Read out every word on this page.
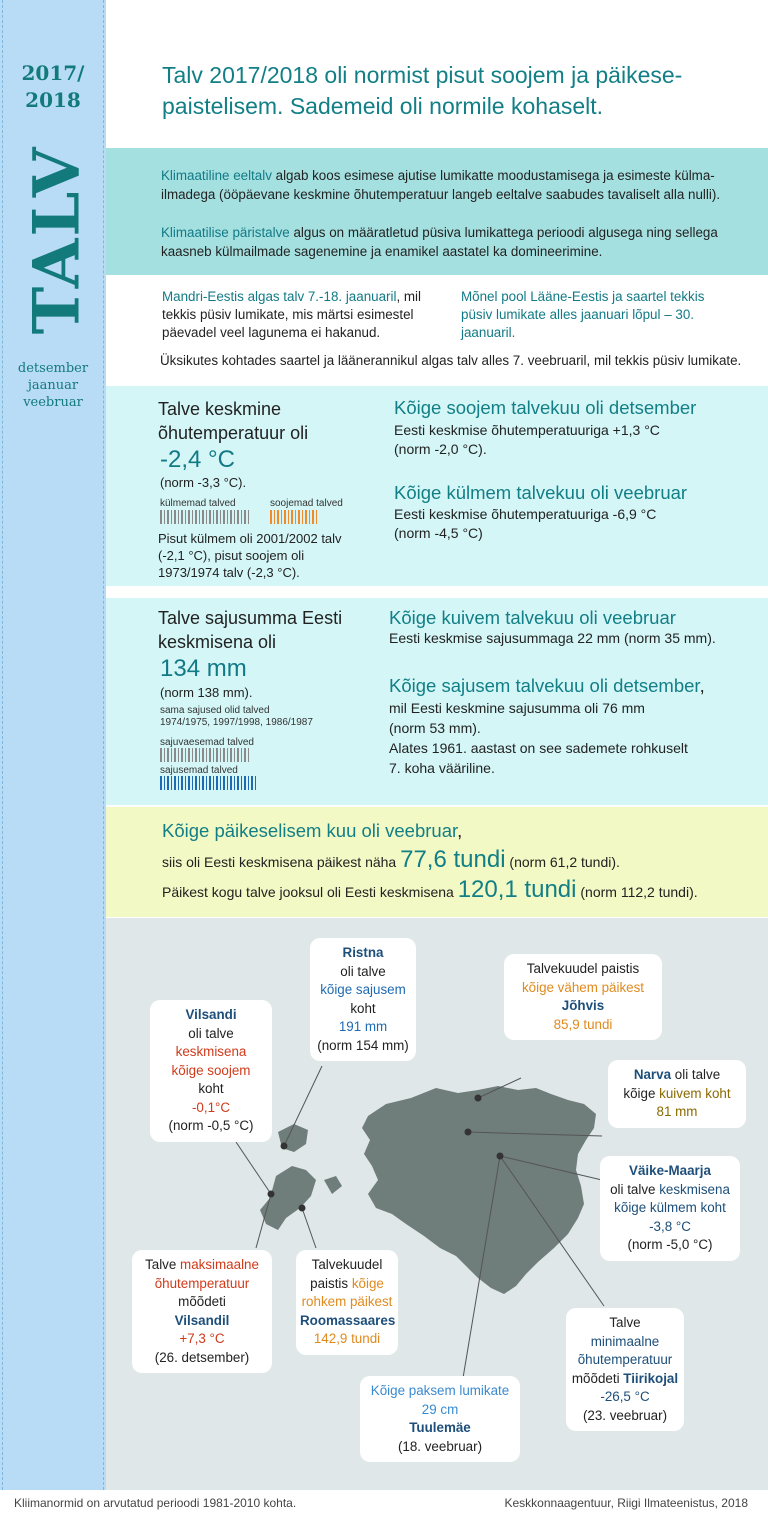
2017/
2018
TALV
detsember
jaanuar
veebruar
Talv 2017/2018 oli normist pisut soojem ja päikese-
paistelisem. Sademeid oli normile kohaselt.

Klimaatiline eeltalv algab koos esimese ajutise lumikatte moodustamisega ja esimeste külma-ilmadega (ööpäevane keskmine õhutemperatuur langeb eeltalve saabudes tavaliselt alla nulli).

Klimaatilise päristalve algus on määratletud püsiva lumikattega perioodi algusega ning sellega kaasneb külmailmade sagenemine ja enamikel aastatel ka domineerimine.

Mandri-Eestis algas talv 7.-18. jaanuaril, mil tekkis püsiv lumikate, mis märtsi esimestel päevadel veel lagunema ei hakanud.
Mõnel pool Lääne-Eestis ja saartel tekkis püsiv lumikate alles jaanuari lõpul – 30. jaanuaril.
Üksikutes kohtades saartel ja läänerannikul algas talv alles 7. veebruaril, mil tekkis püsiv lumikate.
Talve keskmine
õhutemperatuur oli
-2,4 °C
(norm -3,3 °C).
külmemad talved	soojemad talved
Pisut külmem oli 2001/2002 talv
(-2,1 °C), pisut soojem oli
1973/1974 talv (-2,3 °C).
Kõige soojem talvekuu oli detsember
Eesti keskmise õhutemperatuuriga +1,3 °C
(norm -2,0 °C).
Kõige külmem talvekuu oli veebruar
Eesti keskmise õhutemperatuuriga -6,9 °C
(norm -4,5 °C)
Talve sajusumma Eesti
keskmisena oli
134 mm
(norm 138 mm).
sama sajused olid talved
1974/1975, 1997/1998, 1986/1987
sajuvaesemad talved
sajusemad talved
Kõige kuivem talvekuu oli veebruar
Eesti keskmise sajusummaga 22 mm (norm 35 mm).
Kõige sajusem talvekuu oli detsember,
mil Eesti keskmine sajusumma oli 76 mm
(norm 53 mm).
Alates 1961. aastast on see sademete rohkuselt
7. koha vääriline.
Kõige päikeselisem kuu oli veebruar,
siis oli Eesti keskmisena päikest näha 77,6 tundi (norm 61,2 tundi).
Päikest kogu talve jooksul oli Eesti keskmisena 120,1 tundi (norm 112,2 tundi).
Ristna
oli talve
kõige sajusem
koht
191 mm
(norm 154 mm)
Talvekuudel paistis
kõige vähem päikest
Jõhvis
85,9 tundi
Vilsandi
oli talve
keskmisena
kõige soojem
koht
-0,1°C
(norm -0,5 °C)
Narva oli talve
kõige kuivem koht
81 mm
Väike-Maarja
oli talve keskmisena
kõige külmem koht
-3,8 °C
(norm -5,0 °C)
Talve maksimaalne
õhutemperatuur
mõõdeti
Vilsandil
+7,3 °C
(26. detsember)
Talvekuudel
paistis kõige
rohkem päikest
Roomassaares
142,9 tundi
Kõige paksem lumikate
29 cm
Tuulemäe
(18. veebruar)
Talve
minimaalne
õhutemperatuur
mõõdeti Tiirikojal
-26,5 °C
(23. veebruar)
Kliimanormid on arvutatud perioodi 1981-2010 kohta.	Keskkonnaagentuur, Riigi Ilmateenistus, 2018
